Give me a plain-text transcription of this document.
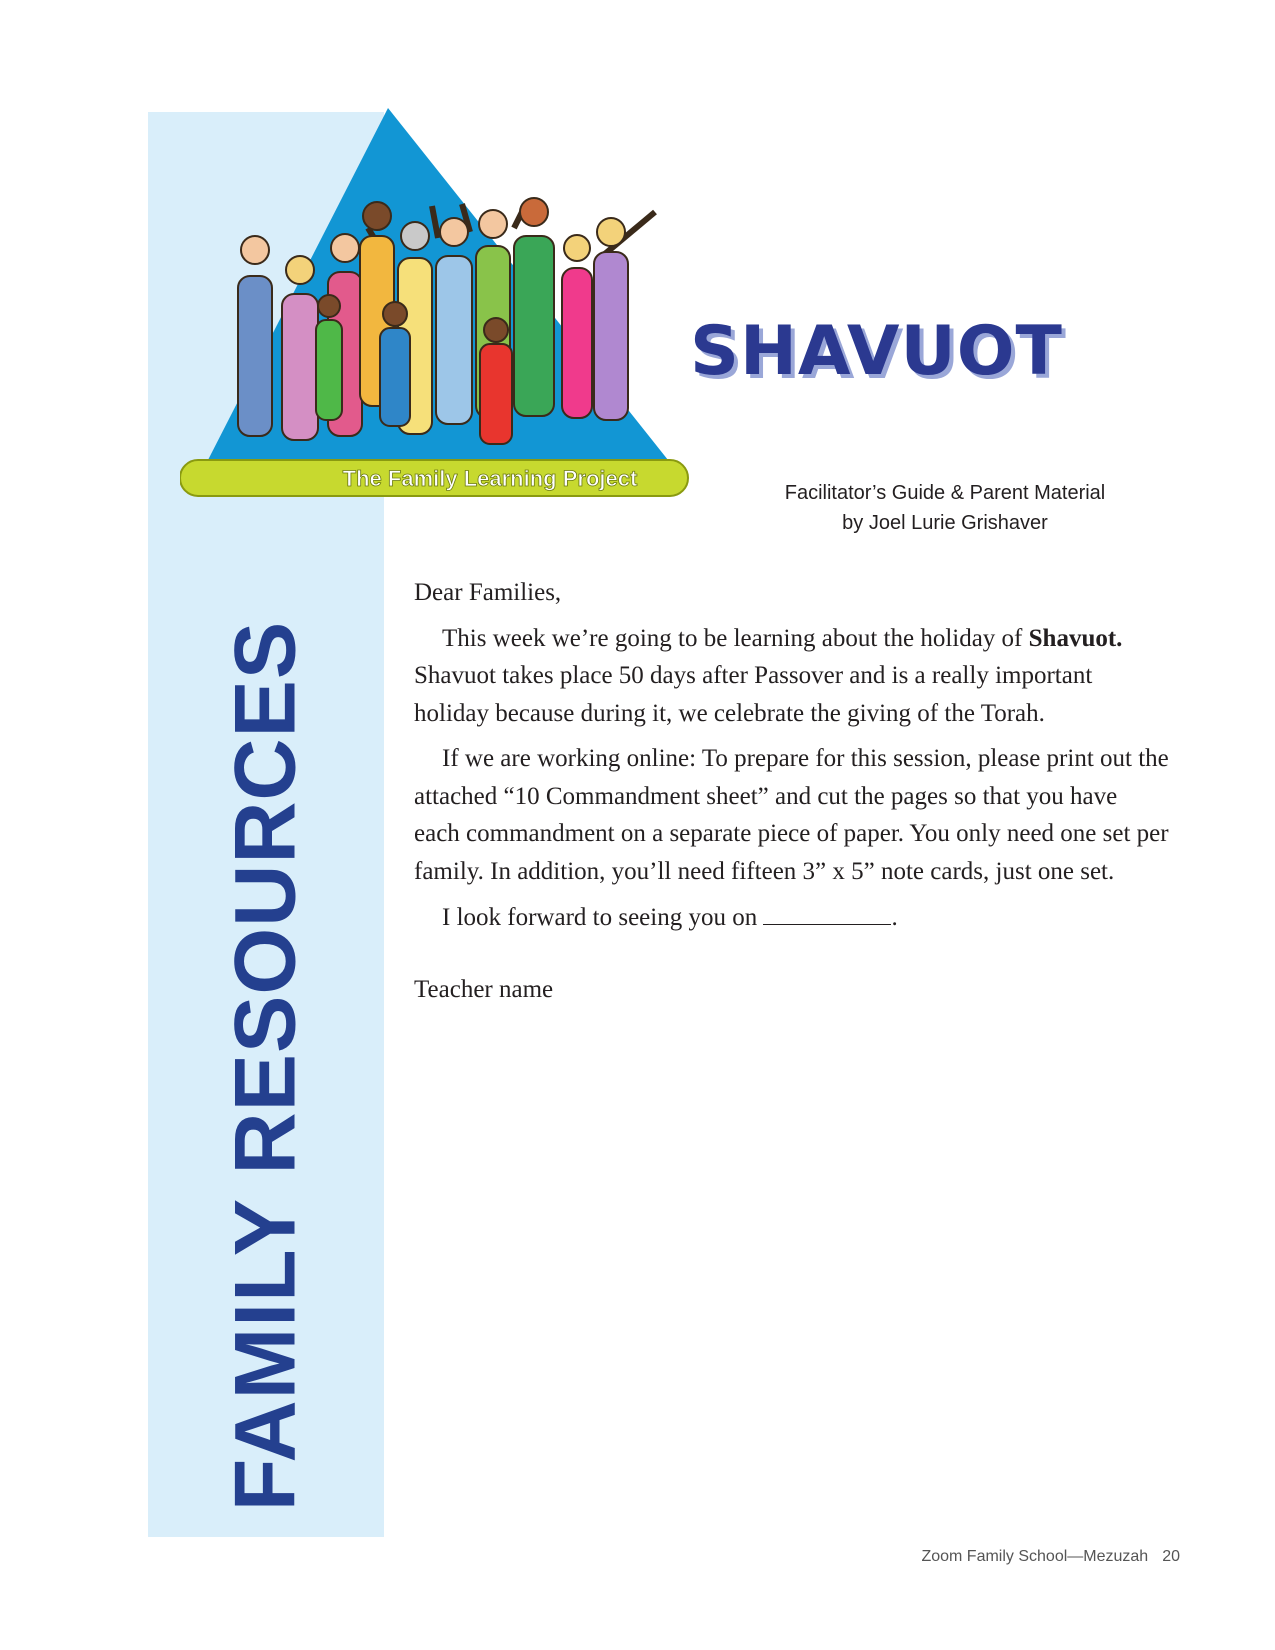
FAMILY RESOURCES
The Family Learning Project
SHAVUOT
Facilitator’s Guide & Parent Material
by Joel Lurie Grishaver

Dear Families,

This week we’re going to be learning about the holiday of Shavuot. Shavuot takes place 50 days after Passover and is a really important holiday because during it, we celebrate the giving of the Torah.

If we are working online: To prepare for this session, please print out the attached “10 Commandment sheet” and cut the pages so that you have each commandment on a separate piece of paper. You only need one set per family. In addition, you’ll need fifteen 3” x 5” note cards, just one set.

I look forward to seeing you on	.

Teacher name

Zoom Family School—Mezuzah 20
